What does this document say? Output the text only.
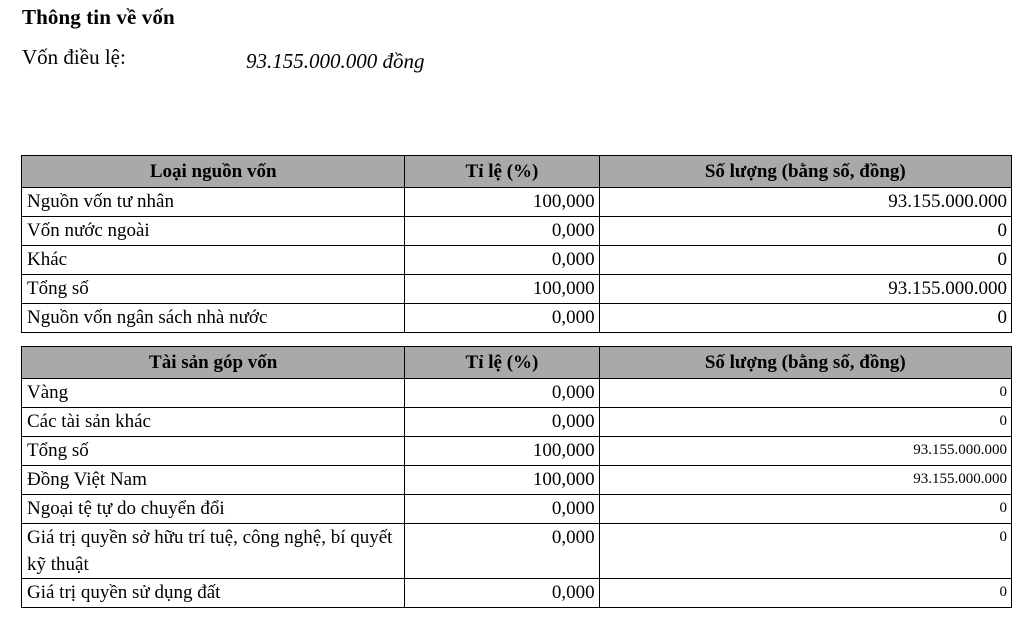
Thông tin về vốn
Vốn điều lệ:	93.155.000.000 đồng
Loại nguồn vốn	Tỉ lệ (%)	Số lượng (bằng số, đồng)
Nguồn vốn tư nhân	100,000	93.155.000.000
Vốn nước ngoài	0,000	0
Khác	0,000	0
Tổng số	100,000	93.155.000.000
Nguồn vốn ngân sách nhà nước	0,000	0
Tài sản góp vốn	Tỉ lệ (%)	Số lượng (bằng số, đồng)
Vàng	0,000	0
Các tài sản khác	0,000	0
Tổng số	100,000	93.155.000.000
Đồng Việt Nam	100,000	93.155.000.000
Ngoại tệ tự do chuyển đổi	0,000	0
Giá trị quyền sở hữu trí tuệ, công nghệ, bí quyết kỹ thuật	0,000	0
Giá trị quyền sử dụng đất	0,000	0
